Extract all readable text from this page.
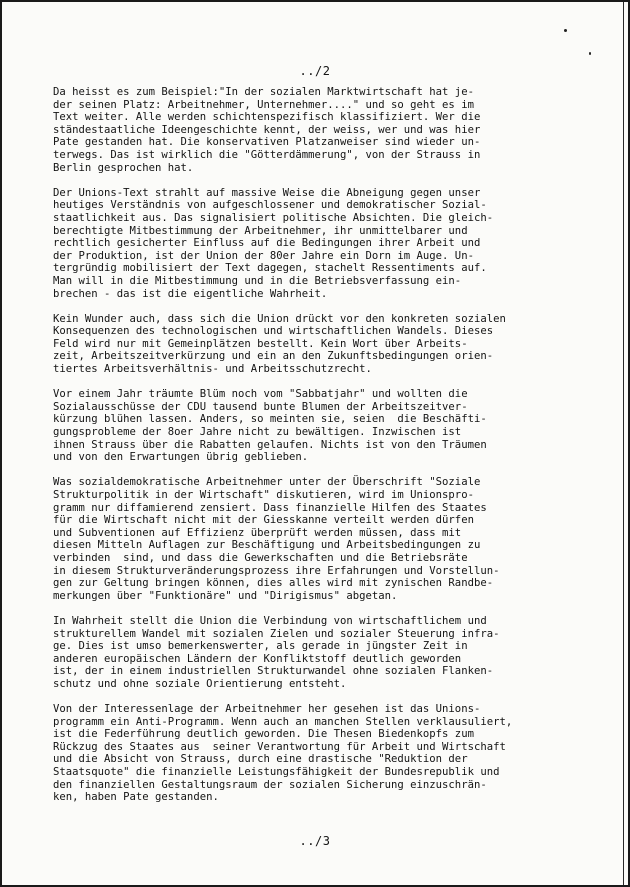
../2

Da heisst es zum Beispiel:"In der sozialen Marktwirtschaft hat je-
der seinen Platz: Arbeitnehmer, Unternehmer...." und so geht es im
Text weiter. Alle werden schichtenspezifisch klassifiziert. Wer die
ständestaatliche Ideengeschichte kennt, der weiss, wer und was hier
Pate gestanden hat. Die konservativen Platzanweiser sind wieder un-
terwegs. Das ist wirklich die "Götterdämmerung", von der Strauss in
Berlin gesprochen hat.

Der Unions-Text strahlt auf massive Weise die Abneigung gegen unser
heutiges Verständnis von aufgeschlossener und demokratischer Sozial-
staatlichkeit aus. Das signalisiert politische Absichten. Die gleich-
berechtigte Mitbestimmung der Arbeitnehmer, ihr unmittelbarer und
rechtlich gesicherter Einfluss auf die Bedingungen ihrer Arbeit und
der Produktion, ist der Union der 80er Jahre ein Dorn im Auge. Un-
tergründig mobilisiert der Text dagegen, stachelt Ressentiments auf.
Man will in die Mitbestimmung und in die Betriebsverfassung ein-
brechen - das ist die eigentliche Wahrheit.

Kein Wunder auch, dass sich die Union drückt vor den konkreten sozialen
Konsequenzen des technologischen und wirtschaftlichen Wandels. Dieses
Feld wird nur mit Gemeinplätzen bestellt. Kein Wort über Arbeits-
zeit, Arbeitszeitverkürzung und ein an den Zukunftsbedingungen orien-
tiertes Arbeitsverhältnis- und Arbeitsschutzrecht.

Vor einem Jahr träumte Blüm noch vom "Sabbatjahr" und wollten die
Sozialausschüsse der CDU tausend bunte Blumen der Arbeitszeitver-
kürzung blühen lassen. Anders, so meinten sie, seien  die Beschäfti-
gungsprobleme der 8oer Jahre nicht zu bewältigen. Inzwischen ist
ihnen Strauss über die Rabatten gelaufen. Nichts ist von den Träumen
und von den Erwartungen übrig geblieben.

Was sozialdemokratische Arbeitnehmer unter der Überschrift "Soziale
Strukturpolitik in der Wirtschaft" diskutieren, wird im Unionspro-
gramm nur diffamierend zensiert. Dass finanzielle Hilfen des Staates
für die Wirtschaft nicht mit der Giesskanne verteilt werden dürfen
und Subventionen auf Effizienz überprüft werden müssen, dass mit
diesen Mitteln Auflagen zur Beschäftigung und Arbeitsbedingungen zu
verbinden  sind, und dass die Gewerkschaften und die Betriebsräte
in diesem Strukturveränderungsprozess ihre Erfahrungen und Vorstellun-
gen zur Geltung bringen können, dies alles wird mit zynischen Randbe-
merkungen über "Funktionäre" und "Dirigismus" abgetan.

In Wahrheit stellt die Union die Verbindung von wirtschaftlichem und
strukturellem Wandel mit sozialen Zielen und sozialer Steuerung infra-
ge. Dies ist umso bemerkenswerter, als gerade in jüngster Zeit in
anderen europäischen Ländern der Konfliktstoff deutlich geworden
ist, der in einem industriellen Strukturwandel ohne sozialen Flanken-
schutz und ohne soziale Orientierung entsteht.

Von der Interessenlage der Arbeitnehmer her gesehen ist das Unions-
programm ein Anti-Programm. Wenn auch an manchen Stellen verklausuliert,
ist die Federführung deutlich geworden. Die Thesen Biedenkopfs zum
Rückzug des Staates aus  seiner Verantwortung für Arbeit und Wirtschaft
und die Absicht von Strauss, durch eine drastische "Reduktion der
Staatsquote" die finanzielle Leistungsfähigkeit der Bundesrepublik und
den finanziellen Gestaltungsraum der sozialen Sicherung einzuschrän-
ken, haben Pate gestanden.

../3
